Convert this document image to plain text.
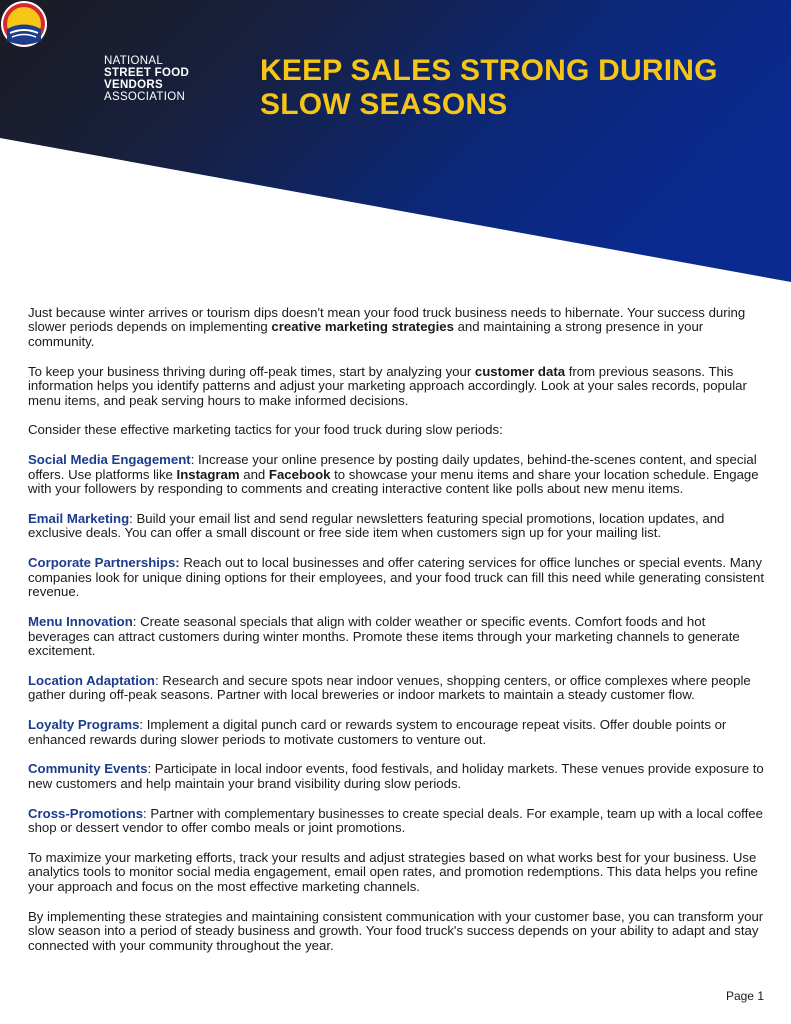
NATIONAL
STREET FOOD
VENDORS
ASSOCIATION
KEEP SALES STRONG DURING SLOW SEASONS

Just because winter arrives or tourism dips doesn't mean your food truck business needs to hibernate. Your success during slower periods depends on implementing creative marketing strategies and maintaining a strong presence in your community.

To keep your business thriving during off-peak times, start by analyzing your customer data from previous seasons. This information helps you identify patterns and adjust your marketing approach accordingly. Look at your sales records, popular menu items, and peak serving hours to make informed decisions.

Consider these effective marketing tactics for your food truck during slow periods:

Social Media Engagement: Increase your online presence by posting daily updates, behind-the-scenes content, and special offers. Use platforms like Instagram and Facebook to showcase your menu items and share your location schedule. Engage with your followers by responding to comments and creating interactive content like polls about new menu items.

Email Marketing: Build your email list and send regular newsletters featuring special promotions, location updates, and exclusive deals. You can offer a small discount or free side item when customers sign up for your mailing list.

Corporate Partnerships: Reach out to local businesses and offer catering services for office lunches or special events. Many companies look for unique dining options for their employees, and your food truck can fill this need while generating consistent revenue.

Menu Innovation: Create seasonal specials that align with colder weather or specific events. Comfort foods and hot beverages can attract customers during winter months. Promote these items through your marketing channels to generate excitement.

Location Adaptation: Research and secure spots near indoor venues, shopping centers, or office complexes where people gather during off-peak seasons. Partner with local breweries or indoor markets to maintain a steady customer flow.

Loyalty Programs: Implement a digital punch card or rewards system to encourage repeat visits. Offer double points or enhanced rewards during slower periods to motivate customers to venture out.

Community Events: Participate in local indoor events, food festivals, and holiday markets. These venues provide exposure to new customers and help maintain your brand visibility during slow periods.

Cross-Promotions: Partner with complementary businesses to create special deals. For example, team up with a local coffee shop or dessert vendor to offer combo meals or joint promotions.

To maximize your marketing efforts, track your results and adjust strategies based on what works best for your business. Use analytics tools to monitor social media engagement, email open rates, and promotion redemptions. This data helps you refine your approach and focus on the most effective marketing channels.

By implementing these strategies and maintaining consistent communication with your customer base, you can transform your slow season into a period of steady business and growth. Your food truck's success depends on your ability to adapt and stay connected with your community throughout the year.

Page 1
